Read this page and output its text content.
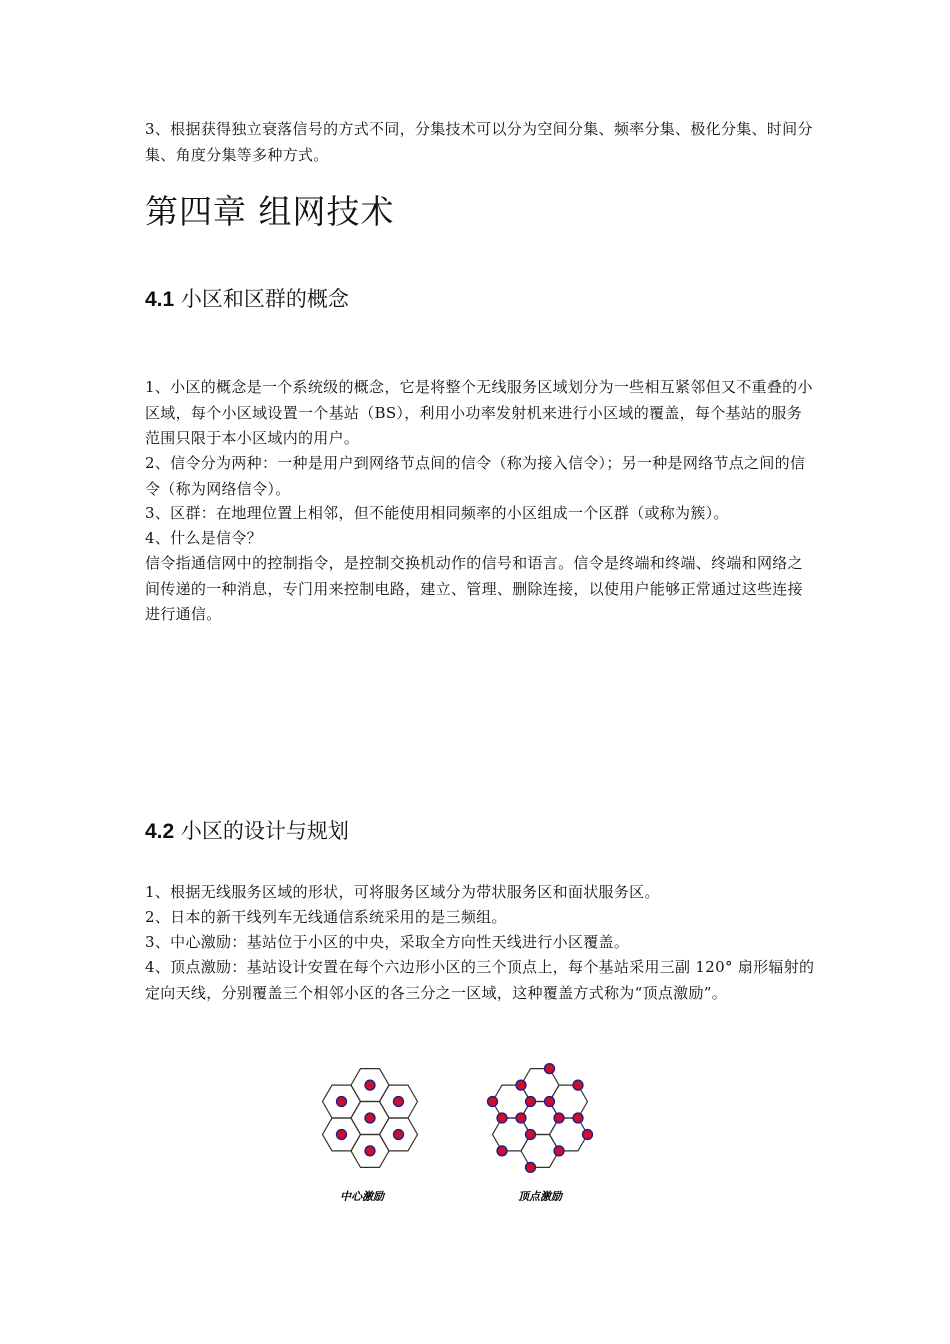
3、根据获得独立衰落信号的方式不同，分集技术可以分为空间分集、频率分集、极化分集、时间分集、角度分集等多种方式。

第四章 组网技术
4.1 小区和区群的概念

1、小区的概念是一个系统级的概念，它是将整个无线服务区域划分为一些相互紧邻但又不重叠的小区域，每个小区域设置一个基站（BS），利用小功率发射机来进行小区域的覆盖，每个基站的服务范围只限于本小区域内的用户。

2、信令分为两种：一种是用户到网络节点间的信令（称为接入信令）；另一种是网络节点之间的信令（称为网络信令）。

3、区群：在地理位置上相邻，但不能使用相同频率的小区组成一个区群（或称为簇）。

4、什么是信令？

信令指通信网中的控制指令，是控制交换机动作的信号和语言。信令是终端和终端、终端和网络之间传递的一种消息，专门用来控制电路，建立、管理、删除连接，以使用户能够正常通过这些连接进行通信。

4.2 小区的设计与规划

1、根据无线服务区域的形状，可将服务区域分为带状服务区和面状服务区。

2、日本的新干线列车无线通信系统采用的是三频组。

3、中心激励：基站位于小区的中央，采取全方向性天线进行小区覆盖。

4、顶点激励：基站设计安置在每个六边形小区的三个顶点上，每个基站采用三副 120° 扇形辐射的定向天线，分别覆盖三个相邻小区的各三分之一区域，这种覆盖方式称为“顶点激励”。

中心激励	顶点激励
